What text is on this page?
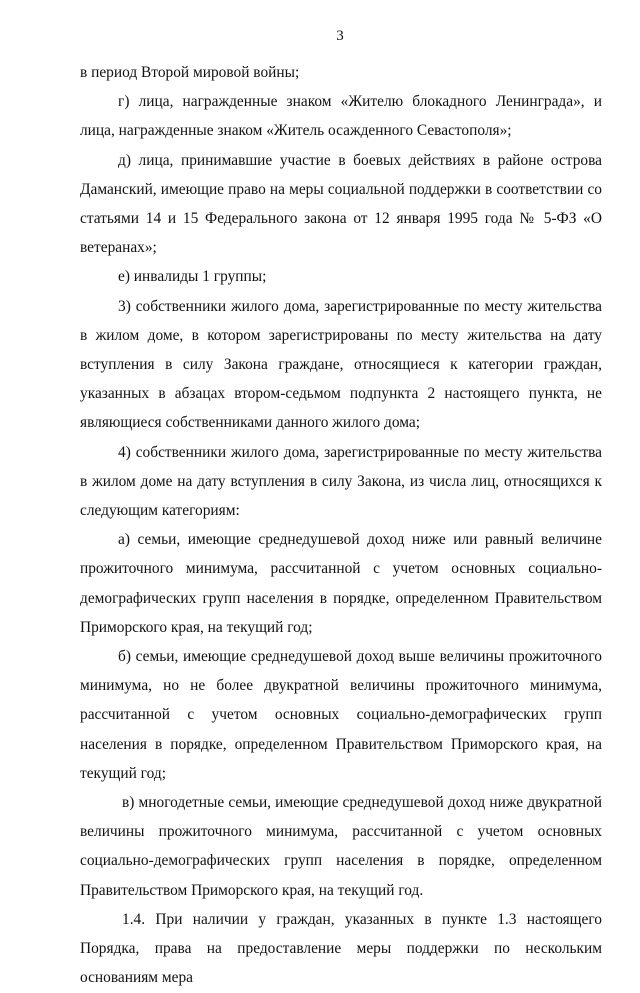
3

в период Второй мировой войны;

г) лица, награжденные знаком «Жителю блокадного Ленинграда», и лица, награжденные знаком «Житель осажденного Севастополя»;

д) лица, принимавшие участие в боевых действиях в районе острова Даманский, имеющие право на меры социальной поддержки в соответствии со статьями 14 и 15 Федерального закона от 12 января 1995 года № 5-ФЗ «О ветеранах»;

е) инвалиды 1 группы;

3) собственники жилого дома, зарегистрированные по месту жительства в жилом доме, в котором зарегистрированы по месту жительства на дату вступления в силу Закона граждане, относящиеся к категории граждан, указанных в абзацах втором-седьмом подпункта 2 настоящего пункта, не являющиеся собственниками данного жилого дома;

4) собственники жилого дома, зарегистрированные по месту жительства в жилом доме на дату вступления в силу Закона, из числа лиц, относящихся к следующим категориям:

а) семьи, имеющие среднедушевой доход ниже или равный величине прожиточного минимума, рассчитанной с учетом основных социально-демографических групп населения в порядке, определенном Правительством Приморского края, на текущий год;

б) семьи, имеющие среднедушевой доход выше величины прожиточного минимума, но не более двукратной величины прожиточного минимума, рассчитанной с учетом основных социально-демографических групп населения в порядке, определенном Правительством Приморского края, на текущий год;

в) многодетные семьи, имеющие среднедушевой доход ниже двукратной величины прожиточного минимума, рассчитанной с учетом основных социально-демографических групп населения в порядке, определенном Правительством Приморского края, на текущий год.

1.4. При наличии у граждан, указанных в пункте 1.3 настоящего Порядка, права на предоставление меры поддержки по нескольким основаниям мера
